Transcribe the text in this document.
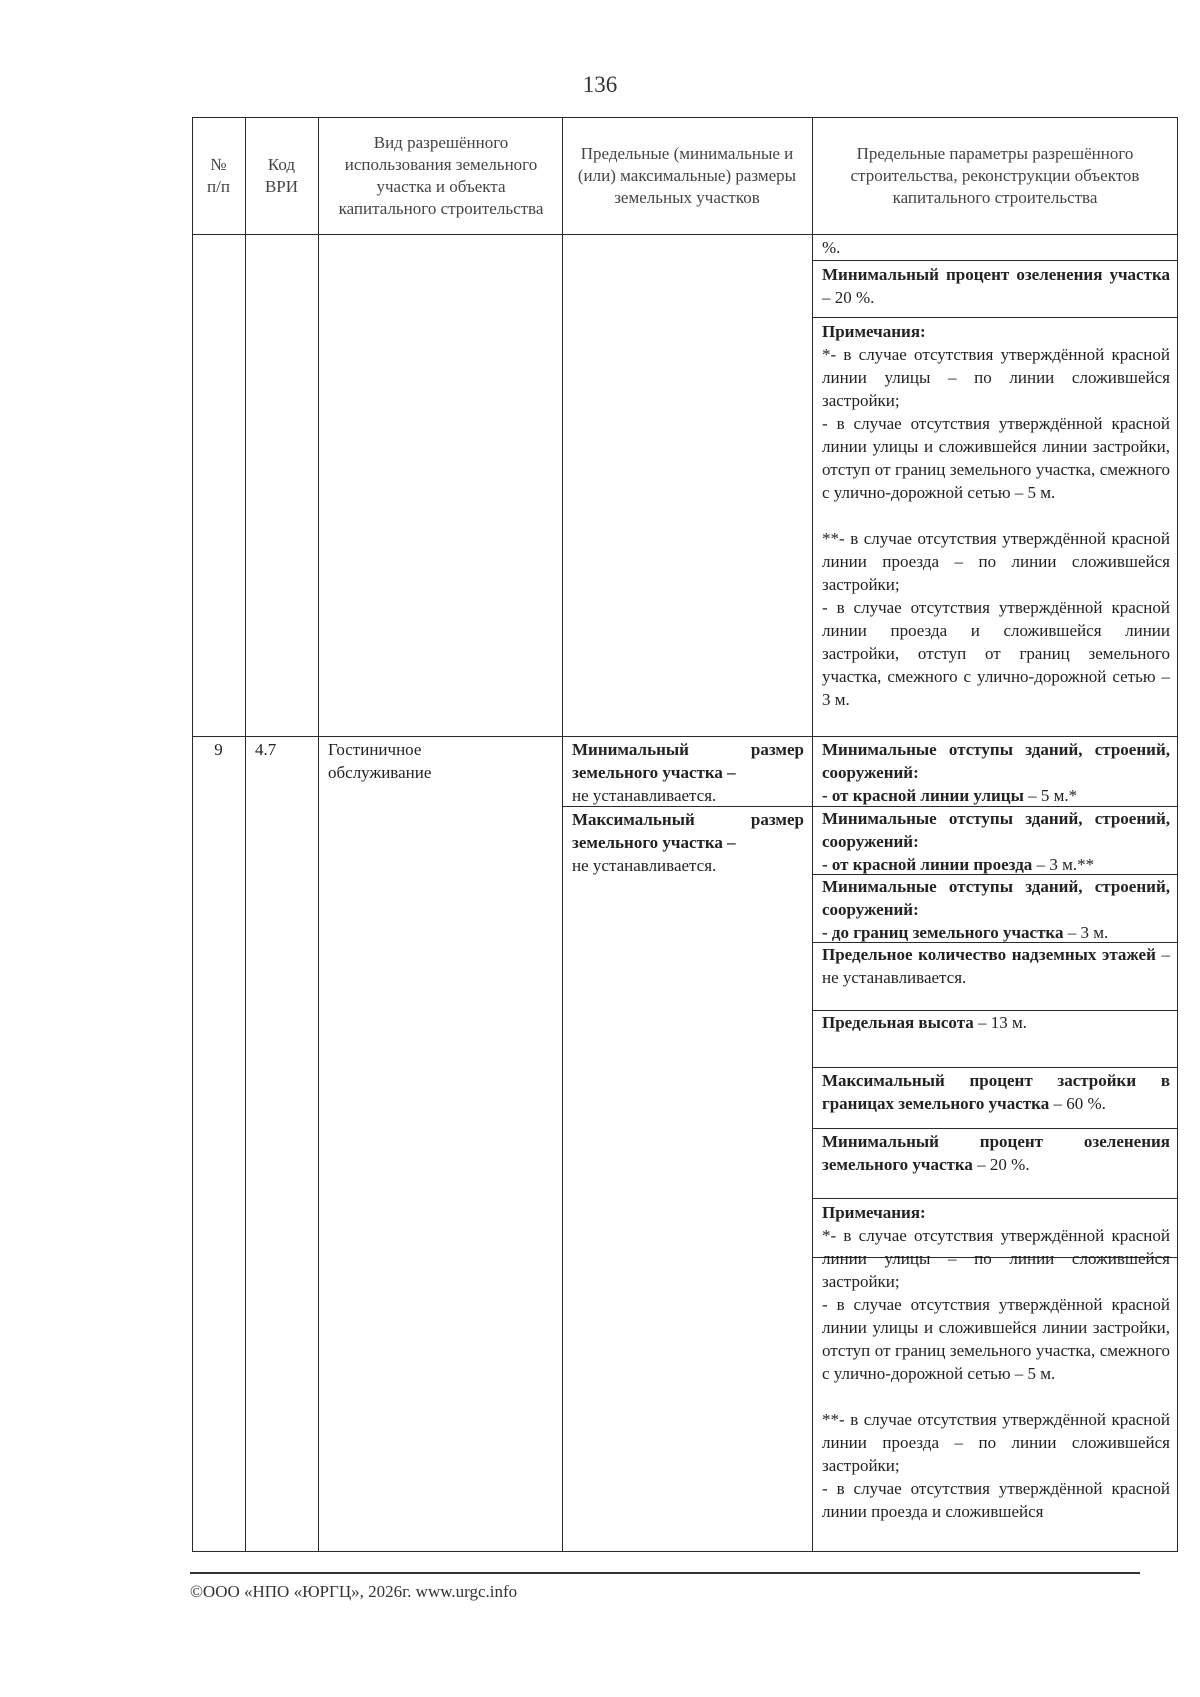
136
№
п/п
Код
ВРИ
Вид разрешённого использования земельного участка и объекта капитального строительства
Предельные (минимальные и (или) максимальные) размеры земельных участков
Предельные параметры разрешённого строительства, реконструкции объектов капитального строительства
%.

Минимальный процент озеленения участка – 20 %.

Примечания:

*- в случае отсутствия утверждённой красной линии улицы – по линии сложившейся застройки;
- в случае отсутствия утверждённой красной линии улицы и сложившейся линии застройки, отступ от границ земельного участка, смежного с улично-дорожной сетью – 5 м.

**- в случае отсутствия утверждённой красной линии проезда – по линии сложившейся застройки;
- в случае отсутствия утверждённой красной линии проезда и сложившейся линии застройки, отступ от границ земельного участка, смежного с улично-дорожной сетью – 3 м.

9	4.7	Гостиничное обслуживание

Минимальный размер земельного участка –

не устанавливается.

Максимальный размер земельного участка –

не устанавливается.

Минимальные отступы зданий, строений, сооружений:

- от красной линии улицы – 5 м.*

Минимальные отступы зданий, строений, сооружений:

- от красной линии проезда – 3 м.**

Минимальные отступы зданий, строений, сооружений:

- до границ земельного участка – 3 м.

Предельное количество надземных этажей – не устанавливается.

Предельная высота – 13 м.

Максимальный процент застройки в границах земельного участка – 60 %.

Минимальный процент озеленения земельного участка – 20 %.

Примечания:

*- в случае отсутствия утверждённой красной линии улицы – по линии сложившейся застройки;
- в случае отсутствия утверждённой красной линии улицы и сложившейся линии застройки, отступ от границ земельного участка, смежного с улично-дорожной сетью – 5 м.

**- в случае отсутствия утверждённой красной линии проезда – по линии сложившейся застройки;
- в случае отсутствия утверждённой красной линии проезда и сложившейся

©ООО «НПО «ЮРГЦ», 2026г. www.urgc.info
